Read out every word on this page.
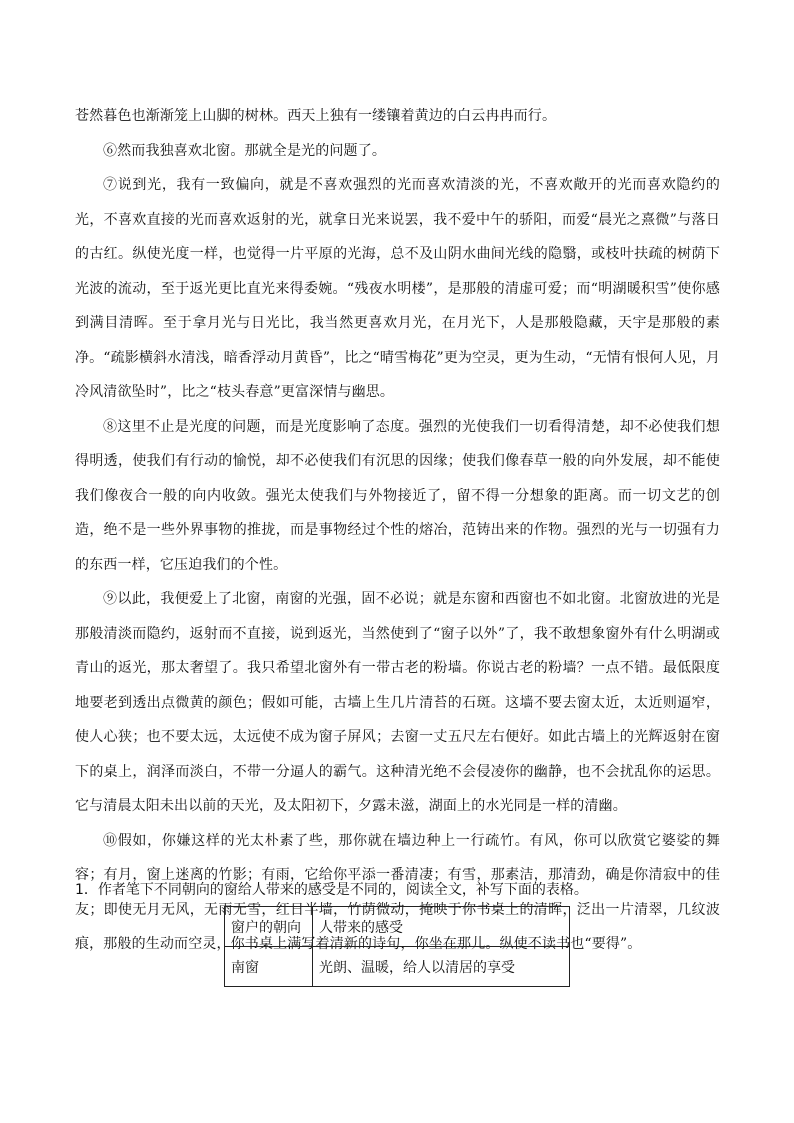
苍然暮色也渐渐笼上山脚的树林。西天上独有一缕镶着黄边的白云冉冉而行。

⑥然而我独喜欢北窗。那就全是光的问题了。

⑦说到光，我有一致偏向，就是不喜欢强烈的光而喜欢清淡的光，不喜欢敞开的光而喜欢隐约的光，不喜欢直接的光而喜欢返射的光，就拿日光来说罢，我不爱中午的骄阳，而爱“晨光之熹微”与落日的古红。纵使光度一样，也觉得一片平原的光海，总不及山阴水曲间光线的隐翳，或枝叶扶疏的树荫下光波的流动，至于返光更比直光来得委婉。“残夜水明楼”，是那般的清虚可爱；而“明湖暖积雪”使你感到满目清晖。至于拿月光与日光比，我当然更喜欢月光，在月光下，人是那般隐藏，天宇是那般的素净。“疏影横斜水清浅，暗香浮动月黄昏”，比之“晴雪梅花”更为空灵，更为生动，“无情有恨何人见，月冷风清欲坠时”，比之“枝头春意”更富深情与幽思。

⑧这里不止是光度的问题，而是光度影响了态度。强烈的光使我们一切看得清楚，却不必使我们想得明透，使我们有行动的愉悦，却不必使我们有沉思的因缘；使我们像春草一般的向外发展，却不能使我们像夜合一般的向内收敛。强光太使我们与外物接近了，留不得一分想象的距离。而一切文艺的创造，绝不是一些外界事物的推拢，而是事物经过个性的熔冶，范铸出来的作物。强烈的光与一切强有力的东西一样，它压迫我们的个性。

⑨以此，我便爱上了北窗，南窗的光强，固不必说；就是东窗和西窗也不如北窗。北窗放进的光是那般清淡而隐约，返射而不直接，说到返光，当然使到了“窗子以外”了，我不敢想象窗外有什么明湖或青山的返光，那太奢望了。我只希望北窗外有一带古老的粉墙。你说古老的粉墙？一点不错。最低限度地要老到透出点微黄的颜色；假如可能，古墙上生几片清苔的石斑。这墙不要去窗太近，太近则逼窄，使人心狭；也不要太远，太远使不成为窗子屏风；去窗一丈五尺左右便好。如此古墙上的光辉返射在窗下的桌上，润泽而淡白，不带一分逼人的霸气。这种清光绝不会侵凌你的幽静，也不会扰乱你的运思。它与清晨太阳未出以前的天光，及太阳初下，夕露未滋，湖面上的水光同是一样的清幽。

⑩假如，你嫌这样的光太朴素了些，那你就在墙边种上一行疏竹。有风，你可以欣赏它婆娑的舞容；有月，窗上迷离的竹影；有雨，它给你平添一番清凄；有雪，那素洁，那清劲，确是你清寂中的佳友；即使无月无风，无雨无雪，红日半墙，竹荫微动，掩映于你书桌上的清晖，泛出一片清翠，几纹波痕，那般的生动而空灵，你书桌上满写着清新的诗句，你坐在那儿。纵使不读书也“要得”。

1．作者笔下不同朝向的窗给人带来的感受是不同的，阅读全文，补写下面的表格。
窗户的朝向	人带来的感受
南窗	光朗、温暖，给人以清居的享受
